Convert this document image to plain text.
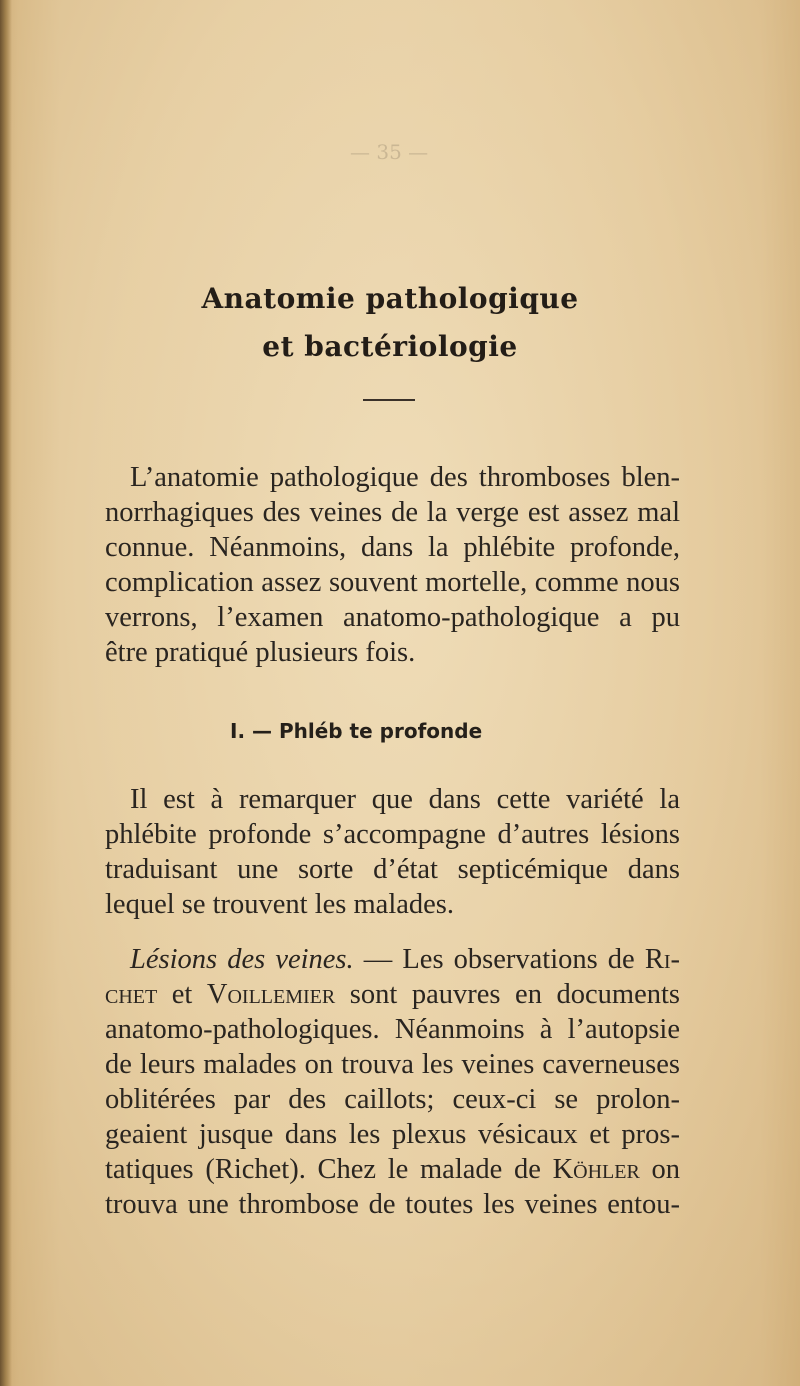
— 35 —
Anatomie pathologique
et bactériologie
L’anatomie pathologique des thromboses blen-
norrhagiques des veines de la verge est assez mal
connue. Néanmoins, dans la phlébite profonde,
complication assez souvent mortelle, comme nous
verrons, l’examen anatomo-pathologique a pu
être pratiqué plusieurs fois.
I. — Phléb te profonde
Il est à remarquer que dans cette variété la
phlébite profonde s’accompagne d’autres lésions
traduisant une sorte d’état septicémique dans
lequel se trouvent les malades.
Lésions des veines. — Les observations de Ri-
chet et Voillemier sont pauvres en documents
anatomo-pathologiques. Néanmoins à l’autopsie
de leurs malades on trouva les veines caverneuses
oblitérées par des caillots; ceux-ci se prolon-
geaient jusque dans les plexus vésicaux et pros-
tatiques (Richet). Chez le malade de Köhler on
trouva une thrombose de toutes les veines entou-
